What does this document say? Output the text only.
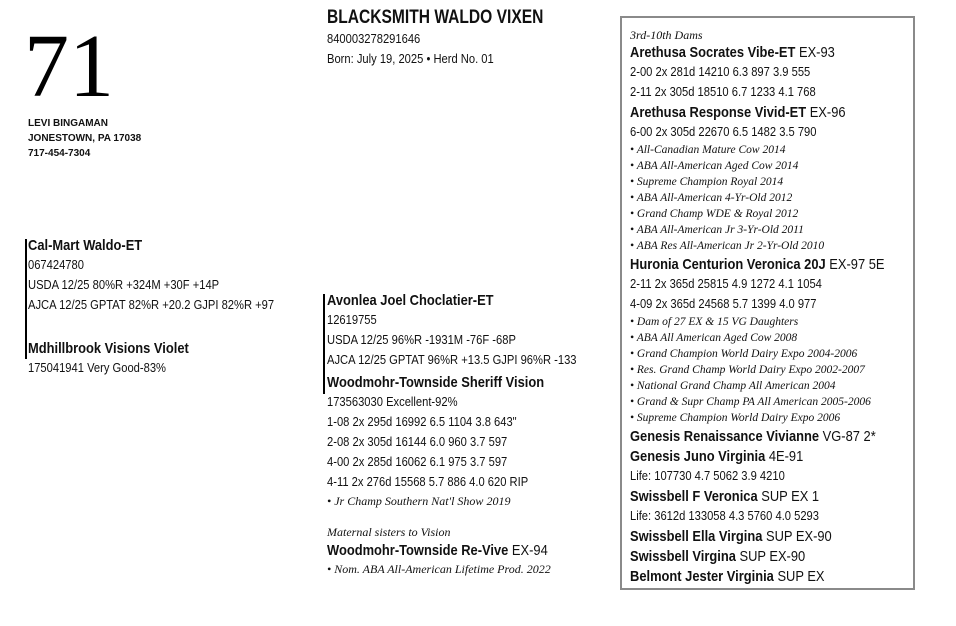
71
LEVI BINGAMAN
JONESTOWN, PA 17038
717-454-7304
BLACKSMITH WALDO VIXEN
840003278291646
Born: July 19, 2025 • Herd No. 01
Cal-Mart Waldo-ET
067424780
USDA 12/25 80%R +324M +30F +14P
AJCA 12/25 GPTAT 82%R +20.2 GJPI 82%R +97
Mdhillbrook Visions Violet
175041941 Very Good-83%
Avonlea Joel Choclatier-ET
12619755
USDA 12/25 96%R -1931M -76F -68P
AJCA 12/25 GPTAT 96%R +13.5 GJPI 96%R -133
Woodmohr-Townside Sheriff Vision
173563030 Excellent-92%
1-08 2x 295d 16992 6.5 1104 3.8 643"
2-08 2x 305d 16144 6.0 960 3.7 597
4-00 2x 285d 16062 6.1 975 3.7 597
4-11 2x 276d 15568 5.7 886 4.0 620 RIP
• Jr Champ Southern Nat'l Show 2019
Maternal sisters to Vision
Woodmohr-Townside Re-Vive EX-94
• Nom. ABA All-American Lifetime Prod. 2022
3rd-10th Dams
Arethusa Socrates Vibe-ET EX-93
2-00 2x 281d 14210 6.3 897 3.9 555
2-11 2x 305d 18510 6.7 1233 4.1 768
Arethusa Response Vivid-ET EX-96
6-00 2x 305d 22670 6.5 1482 3.5 790
• All-Canadian Mature Cow 2014
• ABA All-American Aged Cow 2014
• Supreme Champion Royal 2014
• ABA All-American 4-Yr-Old 2012
• Grand Champ WDE & Royal 2012
• ABA All-American Jr 3-Yr-Old 2011
• ABA Res All-American Jr 2-Yr-Old 2010
Huronia Centurion Veronica 20J EX-97 5E
2-11 2x 365d 25815 4.9 1272 4.1 1054
4-09 2x 365d 24568 5.7 1399 4.0 977
• Dam of 27 EX & 15 VG Daughters
• ABA All American Aged Cow 2008
• Grand Champion World Dairy Expo 2004-2006
• Res. Grand Champ World Dairy Expo 2002-2007
• National Grand Champ All American 2004
• Grand & Supr Champ PA All American 2005-2006
• Supreme Champion World Dairy Expo 2006
Genesis Renaissance Vivianne VG-87 2*
Genesis Juno Virginia 4E-91
Life: 107730 4.7 5062 3.9 4210
Swissbell F Veronica SUP EX 1
Life: 3612d 133058 4.3 5760 4.0 5293
Swissbell Ella Virgina SUP EX-90
Swissbell Virgina SUP EX-90
Belmont Jester Virginia SUP EX
